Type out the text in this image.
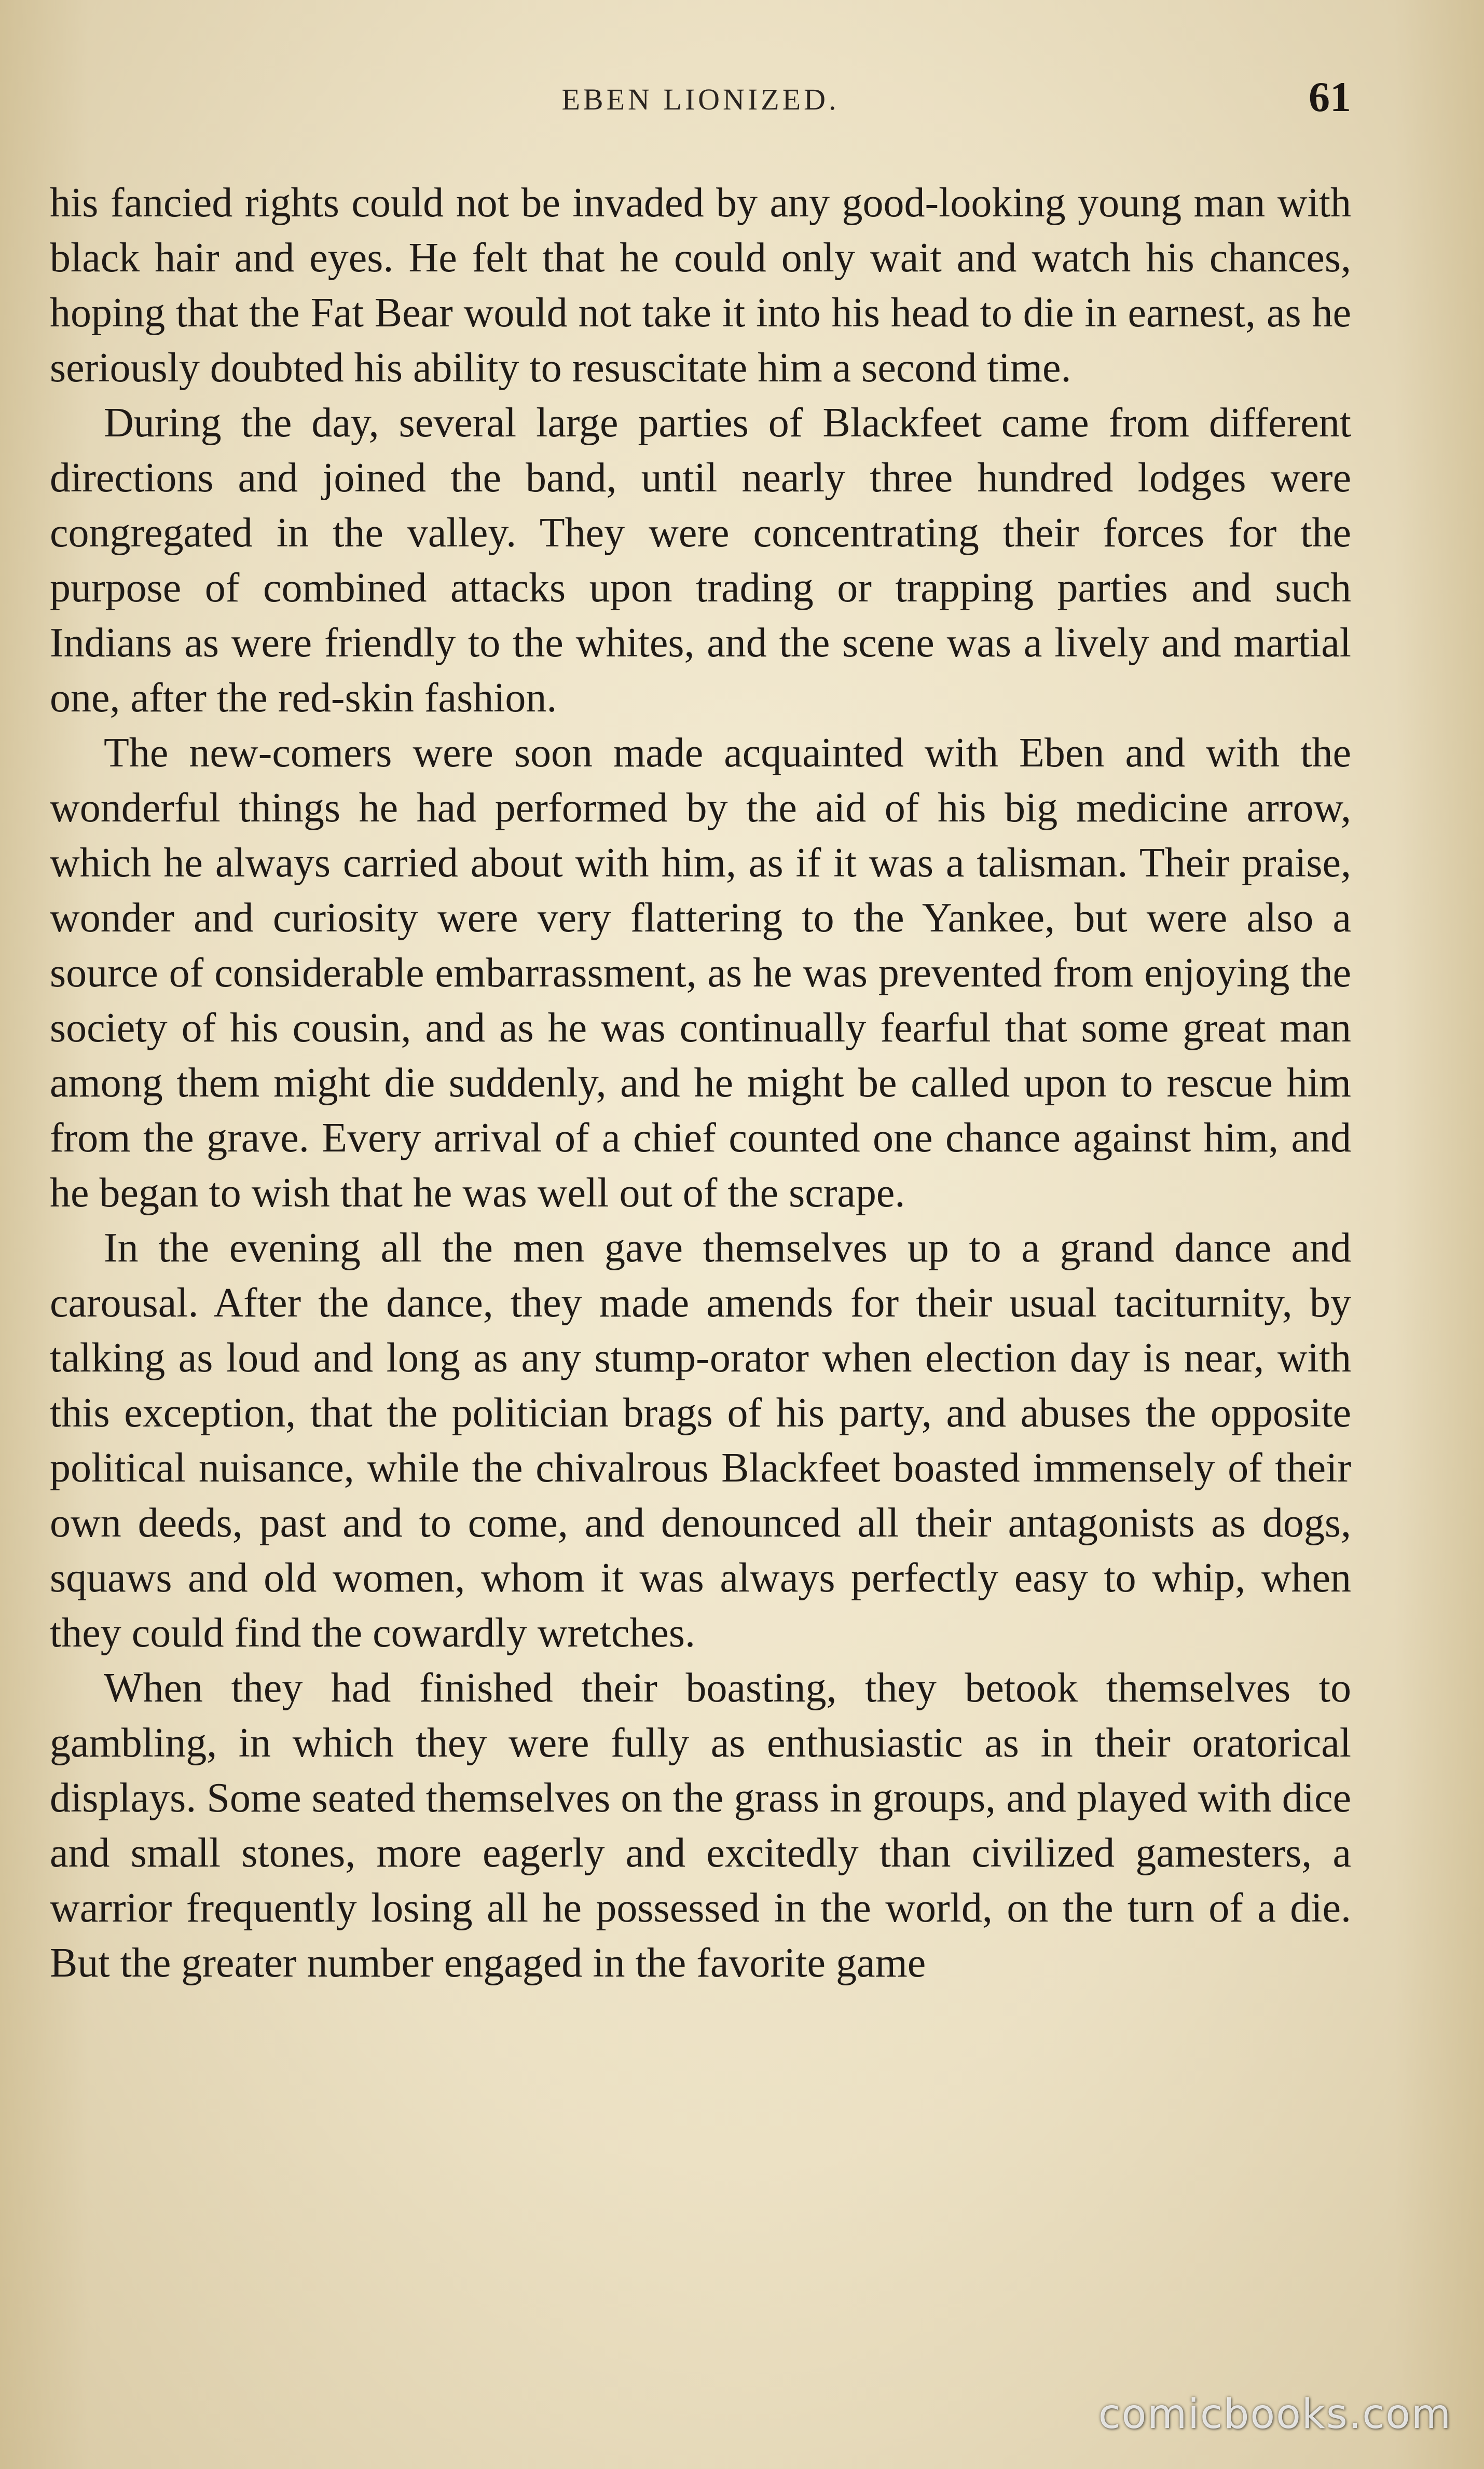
EBEN LIONIZED.	61

his fancied rights could not be invaded by any good-looking young man with black hair and eyes. He felt that he could only wait and watch his chances, hoping that the Fat Bear would not take it into his head to die in earnest, as he seriously doubted his ability to resuscitate him a second time.

During the day, several large parties of Blackfeet came from different directions and joined the band, until nearly three hundred lodges were congregated in the valley. They were concentrating their forces for the purpose of combined attacks upon trading or trapping parties and such Indians as were friendly to the whites, and the scene was a lively and martial one, after the red-skin fashion.

The new-comers were soon made acquainted with Eben and with the wonderful things he had performed by the aid of his big medicine arrow, which he always carried about with him, as if it was a talisman. Their praise, wonder and curiosity were very flattering to the Yankee, but were also a source of considerable embarrassment, as he was prevented from enjoying the society of his cousin, and as he was continually fearful that some great man among them might die suddenly, and he might be called upon to rescue him from the grave. Every arrival of a chief counted one chance against him, and he began to wish that he was well out of the scrape.

In the evening all the men gave themselves up to a grand dance and carousal. After the dance, they made amends for their usual taciturnity, by talking as loud and long as any stump-orator when election day is near, with this exception, that the politician brags of his party, and abuses the opposite political nuisance, while the chivalrous Blackfeet boasted immensely of their own deeds, past and to come, and denounced all their antagonists as dogs, squaws and old women, whom it was always perfectly easy to whip, when they could find the cowardly wretches.

When they had finished their boasting, they betook themselves to gambling, in which they were fully as enthusiastic as in their oratorical displays. Some seated themselves on the grass in groups, and played with dice and small stones, more eagerly and excitedly than civilized gamesters, a warrior frequently losing all he possessed in the world, on the turn of a die. But the greater number engaged in the favorite game

comicbooks.com
